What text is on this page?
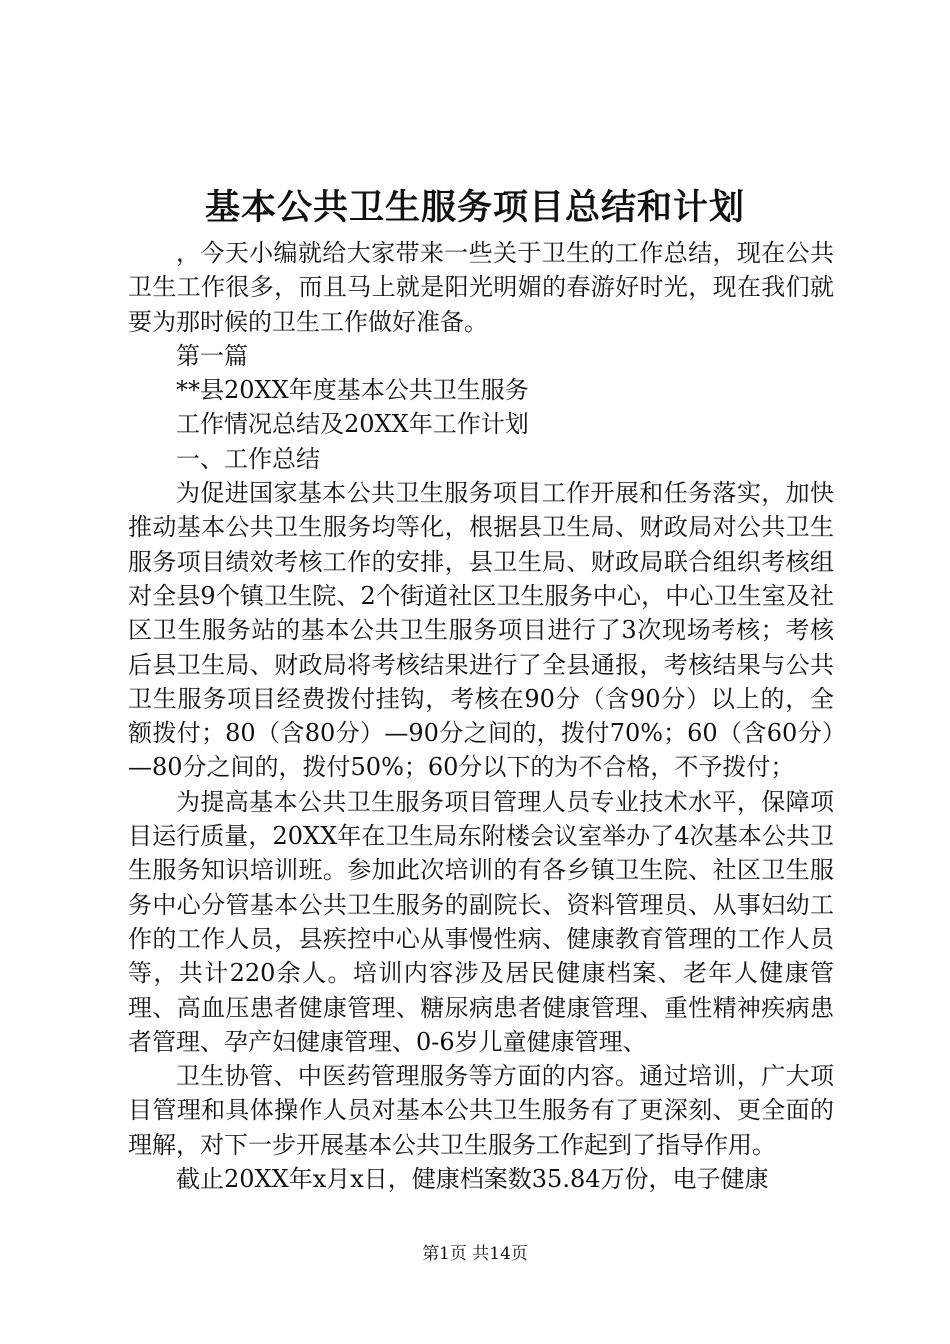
基本公共卫生服务项目总结和计划

，今天小编就给大家带来一些关于卫生的工作总结，现在公共卫生工作很多，而且马上就是阳光明媚的春游好时光，现在我们就要为那时候的卫生工作做好准备。

第一篇

**县20XX年度基本公共卫生服务

工作情况总结及20XX年工作计划

一、工作总结

为促进国家基本公共卫生服务项目工作开展和任务落实，加快推动基本公共卫生服务均等化，根据县卫生局、财政局对公共卫生服务项目绩效考核工作的安排，县卫生局、财政局联合组织考核组对全县9个镇卫生院、2个街道社区卫生服务中心，中心卫生室及社区卫生服务站的基本公共卫生服务项目进行了3次现场考核；考核后县卫生局、财政局将考核结果进行了全县通报，考核结果与公共卫生服务项目经费拨付挂钩，考核在90分（含90分）以上的，全额拨付；80（含80分）—90分之间的，拨付70%；60（含60分）—80分之间的，拨付50%；60分以下的为不合格，不予拨付；

为提高基本公共卫生服务项目管理人员专业技术水平，保障项目运行质量，20XX年在卫生局东附楼会议室举办了4次基本公共卫生服务知识培训班。参加此次培训的有各乡镇卫生院、社区卫生服务中心分管基本公共卫生服务的副院长、资料管理员、从事妇幼工作的工作人员，县疾控中心从事慢性病、健康教育管理的工作人员等，共计220余人。培训内容涉及居民健康档案、老年人健康管理、高血压患者健康管理、糖尿病患者健康管理、重性精神疾病患者管理、孕产妇健康管理、0-6岁儿童健康管理、

卫生协管、中医药管理服务等方面的内容。通过培训，广大项目管理和具体操作人员对基本公共卫生服务有了更深刻、更全面的理解，对下一步开展基本公共卫生服务工作起到了指导作用。

截止20XX年x月x日，健康档案数35.84万份，电子健康

第1页 共14页
